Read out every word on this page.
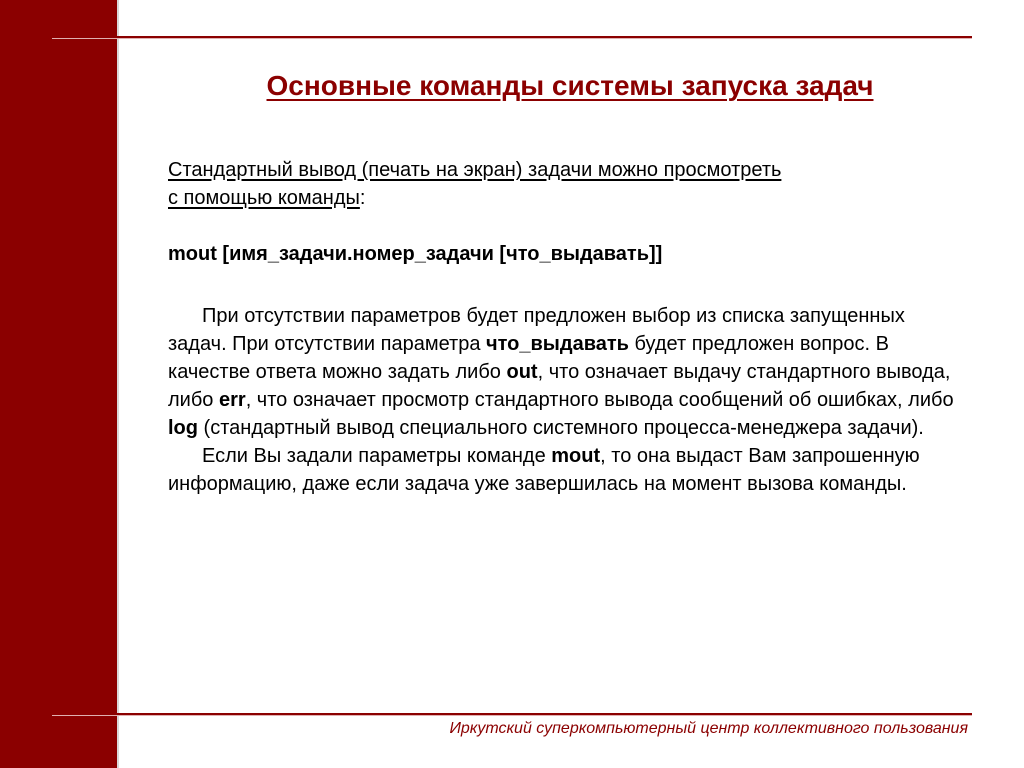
Основные команды системы запуска задач

Стандартный вывод (печать на экран) задачи можно просмотреть
с помощью команды:

mout [имя_задачи.номер_задачи [что_выдавать]]

При отсутствии параметров будет предложен выбор из списка запущенных задач. При отсутствии параметра что_выдавать будет предложен вопрос. В качестве ответа можно задать либо out, что означает выдачу стандартного вывода, либо err, что означает просмотр стандартного вывода сообщений об ошибках, либо log (стандартный вывод специального системного процесса-менеджера задачи).

Если Вы задали параметры команде mout, то она выдаст Вам запрошенную информацию, даже если задача уже завершилась на момент вызова команды.

Иркутский суперкомпьютерный центр коллективного пользования
